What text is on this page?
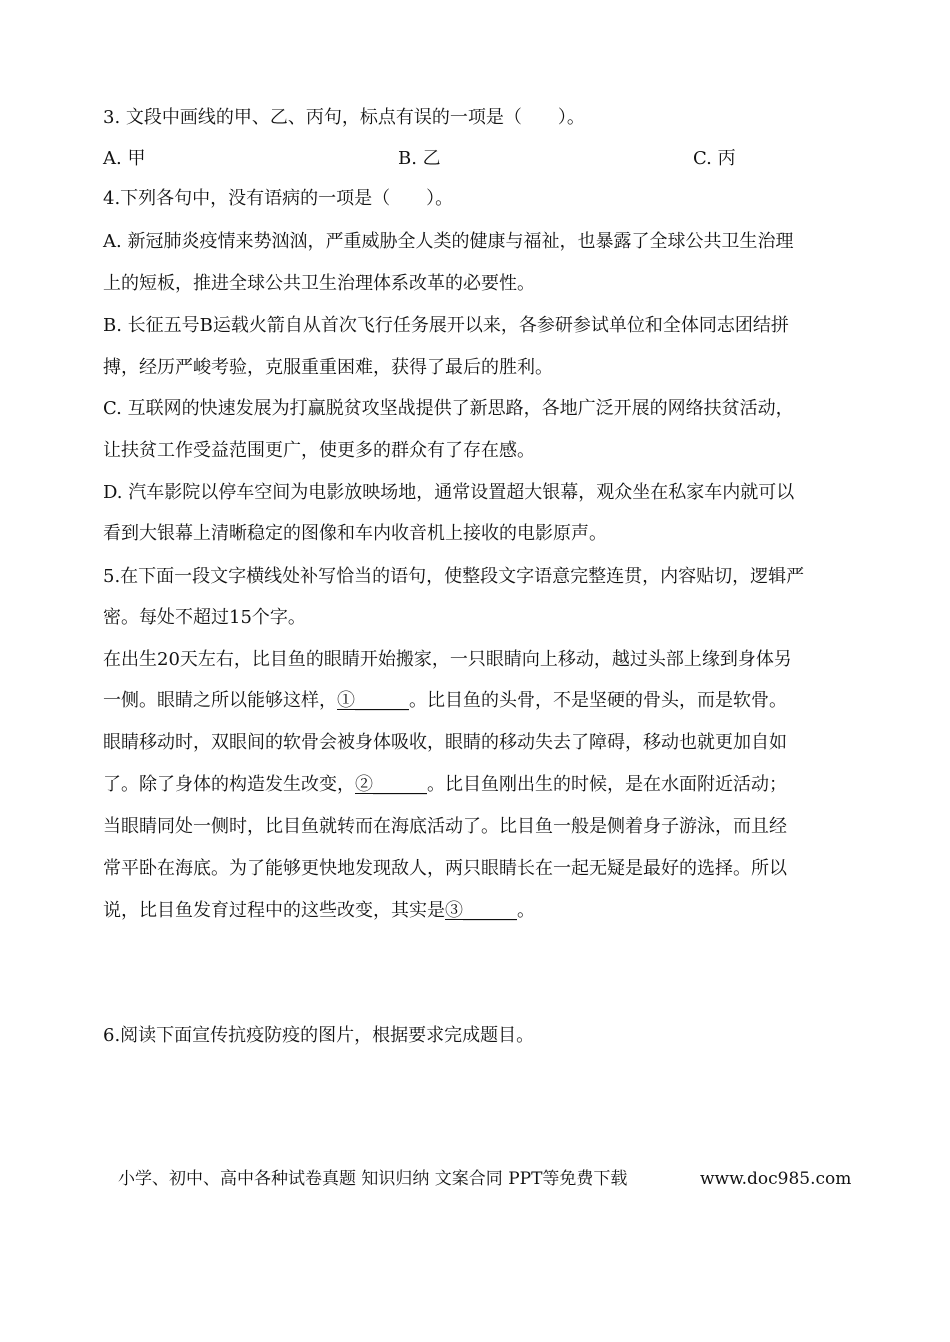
3. 文段中画线的甲、乙、丙句，标点有误的一项是（　　）。
A. 甲	B. 乙	C. 丙
4.下列各句中，没有语病的一项是（　　）。
A. 新冠肺炎疫情来势汹汹，严重威胁全人类的健康与福祉，也暴露了全球公共卫生治理
上的短板，推进全球公共卫生治理体系改革的必要性。
B. 长征五号B运载火箭自从首次飞行任务展开以来，各参研参试单位和全体同志团结拼
搏，经历严峻考验，克服重重困难，获得了最后的胜利。
C. 互联网的快速发展为打赢脱贫攻坚战提供了新思路，各地广泛开展的网络扶贫活动，
让扶贫工作受益范围更广，使更多的群众有了存在感。
D. 汽车影院以停车空间为电影放映场地，通常设置超大银幕，观众坐在私家车内就可以
看到大银幕上清晰稳定的图像和车内收音机上接收的电影原声。
5.在下面一段文字横线处补写恰当的语句，使整段文字语意完整连贯，内容贴切，逻辑严
密。每处不超过15个字。
在出生20天左右，比目鱼的眼睛开始搬家，一只眼睛向上移动，越过头部上缘到身体另
一侧。眼睛之所以能够这样，①______。比目鱼的头骨，不是坚硬的骨头，而是软骨。
眼睛移动时，双眼间的软骨会被身体吸收，眼睛的移动失去了障碍，移动也就更加自如
了。除了身体的构造发生改变，②______。比目鱼刚出生的时候，是在水面附近活动；
当眼睛同处一侧时，比目鱼就转而在海底活动了。比目鱼一般是侧着身子游泳，而且经
常平卧在海底。为了能够更快地发现敌人，两只眼睛长在一起无疑是最好的选择。所以
说，比目鱼发育过程中的这些改变，其实是③______。
6.阅读下面宣传抗疫防疫的图片，根据要求完成题目。
小学、初中、高中各种试卷真题 知识归纳 文案合同 PPT等免费下载	www.doc985.com
